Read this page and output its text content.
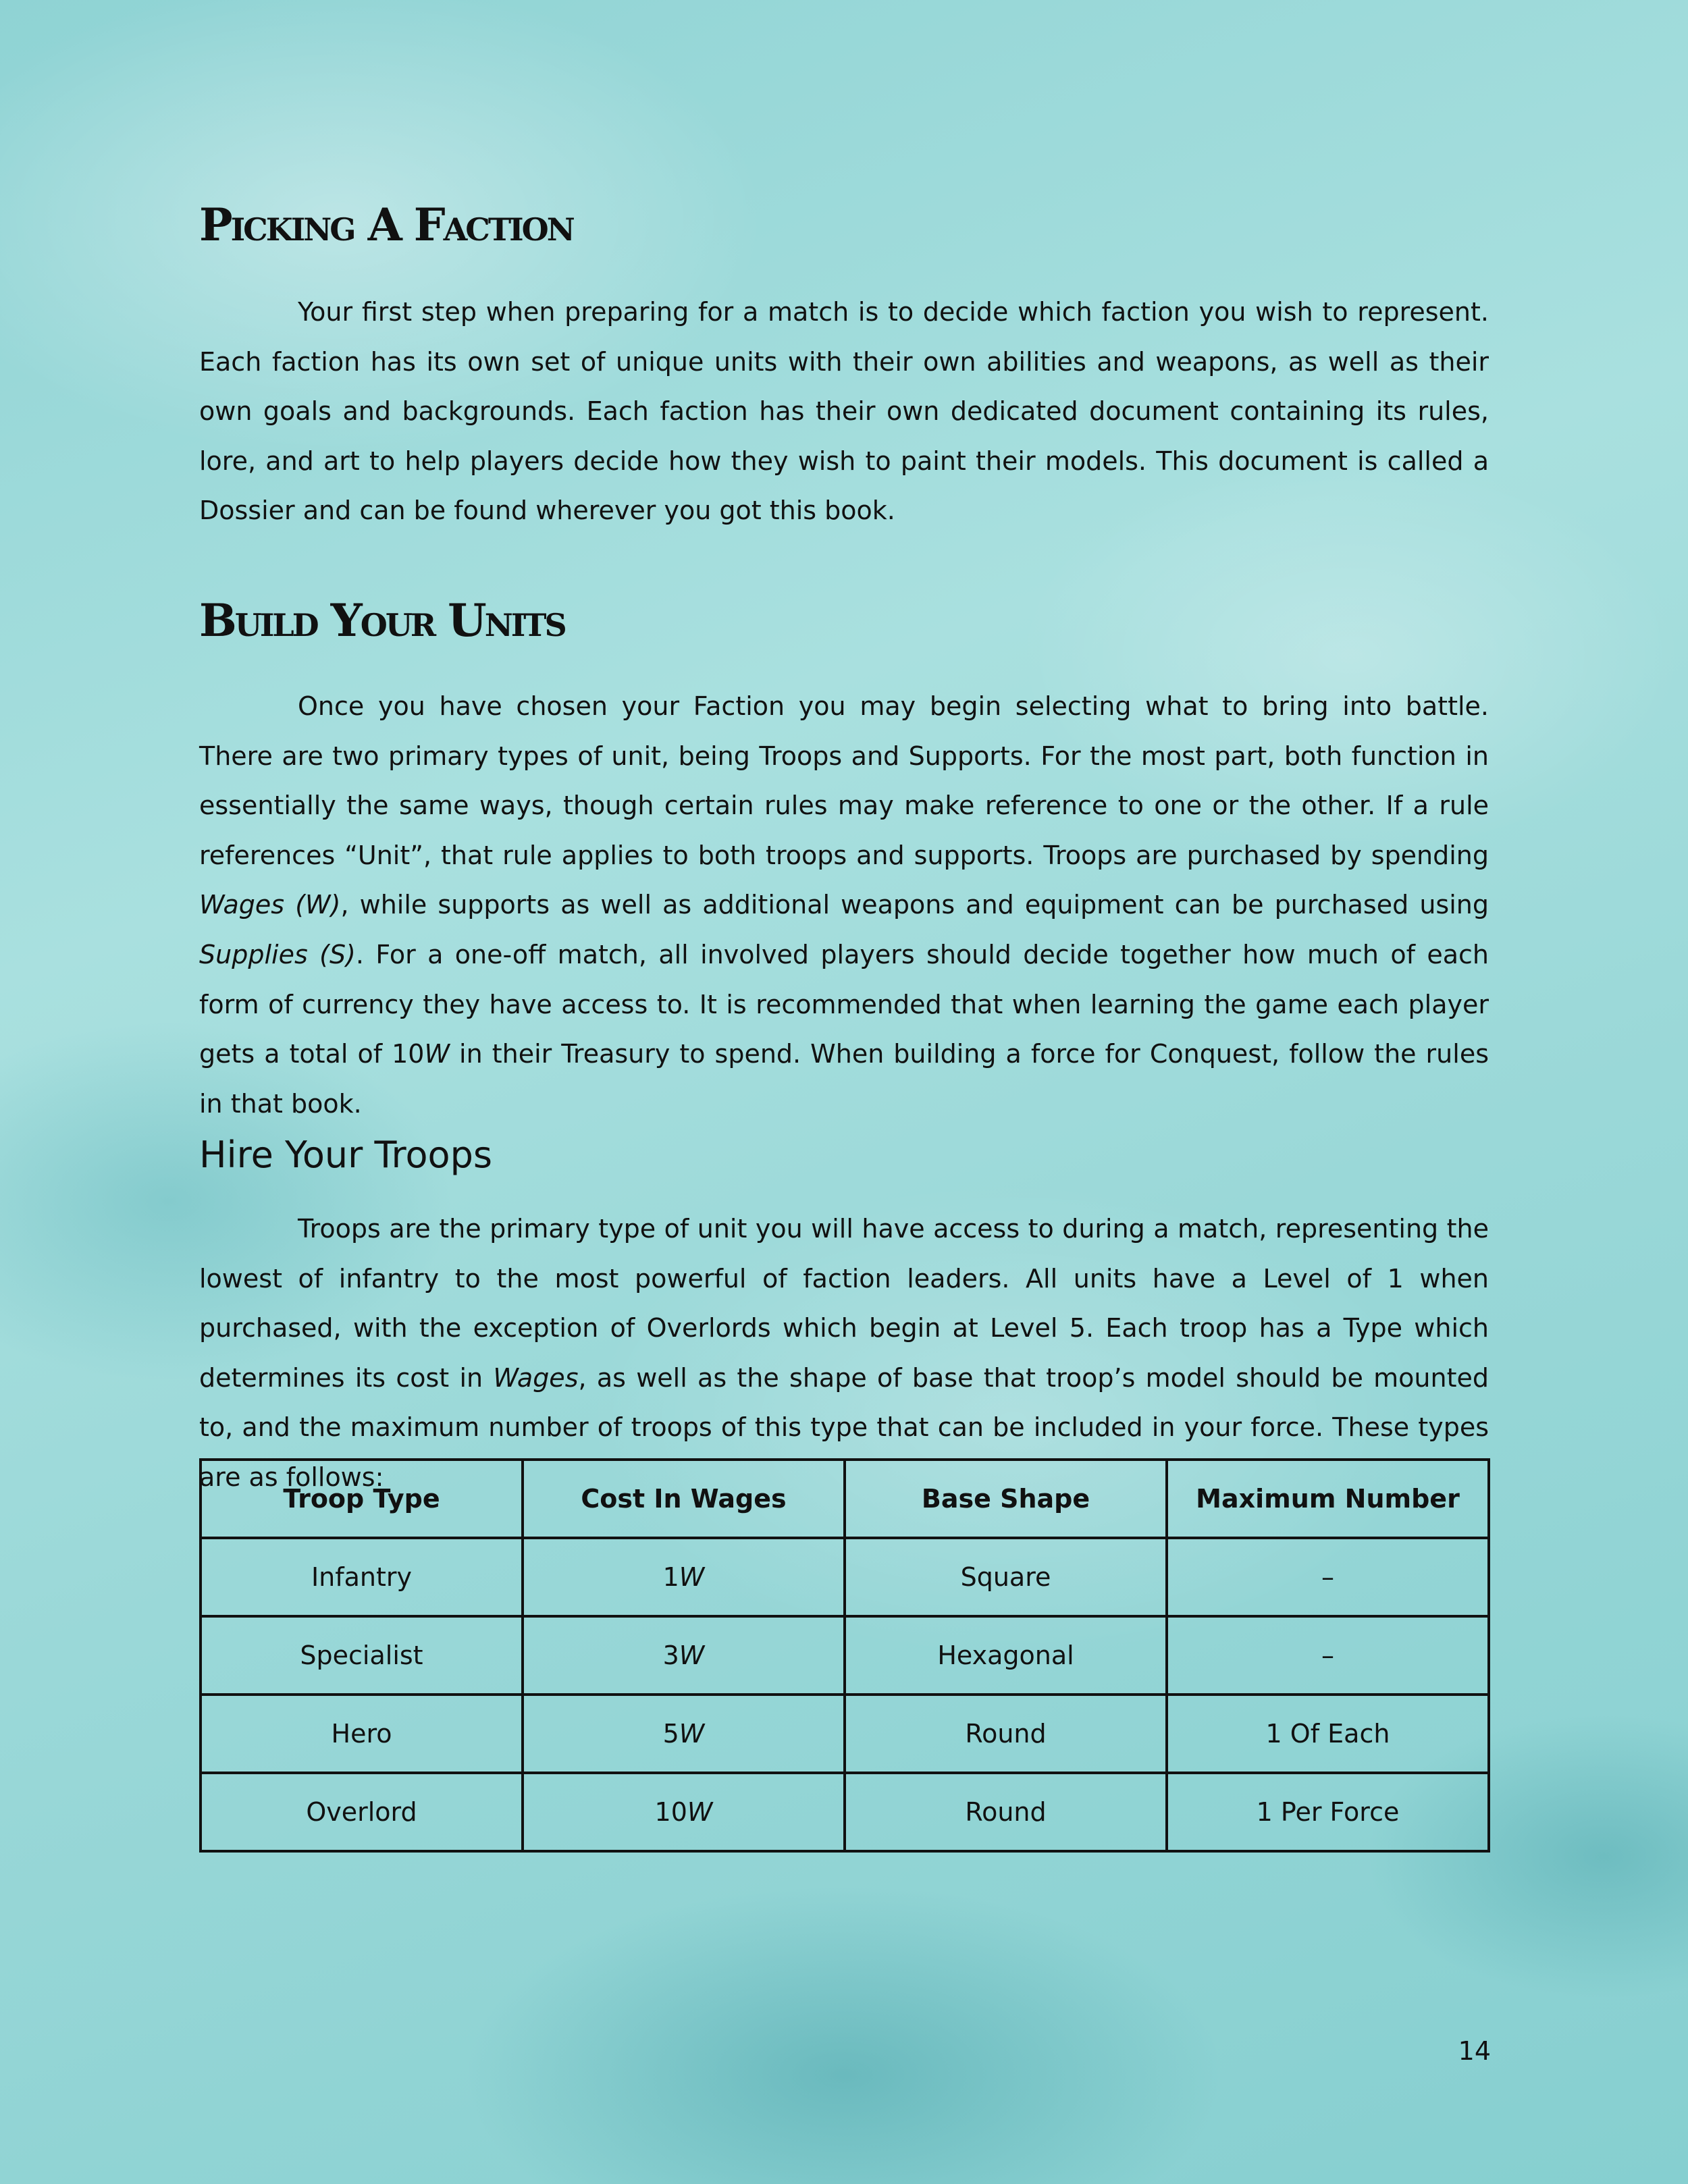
Picking A Faction

Your first step when preparing for a match is to decide which faction you wish to represent. Each faction has its own set of unique units with their own abilities and weapons, as well as their own goals and backgrounds. Each faction has their own dedicated document containing its rules, lore, and art to help players decide how they wish to paint their models. This document is called a Dossier and can be found wherever you got this book.

Build Your Units

Once you have chosen your Faction you may begin selecting what to bring into battle. There are two primary types of unit, being Troops and Supports. For the most part, both function in essentially the same ways, though certain rules may make reference to one or the other. If a rule references “Unit”, that rule applies to both troops and supports. Troops are purchased by spending Wages (W), while supports as well as additional weapons and equipment can be purchased using Supplies (S). For a one-off match, all involved players should decide together how much of each form of currency they have access to. It is recommended that when learning the game each player gets a total of 10W in their Treasury to spend. When building a force for Conquest, follow the rules in that book.

Hire Your Troops

Troops are the primary type of unit you will have access to during a match, representing the lowest of infantry to the most powerful of faction leaders. All units have a Level of 1 when purchased, with the exception of Overlords which begin at Level 5. Each troop has a Type which determines its cost in Wages, as well as the shape of base that troop’s model should be mounted to, and the maximum number of troops of this type that can be included in your force. These types are as follows:

Troop Type	Cost In Wages	Base Shape	Maximum Number
Infantry	1W	Square	–
Specialist	3W	Hexagonal	–
Hero	5W	Round	1 Of Each
Overlord	10W	Round	1 Per Force
14
